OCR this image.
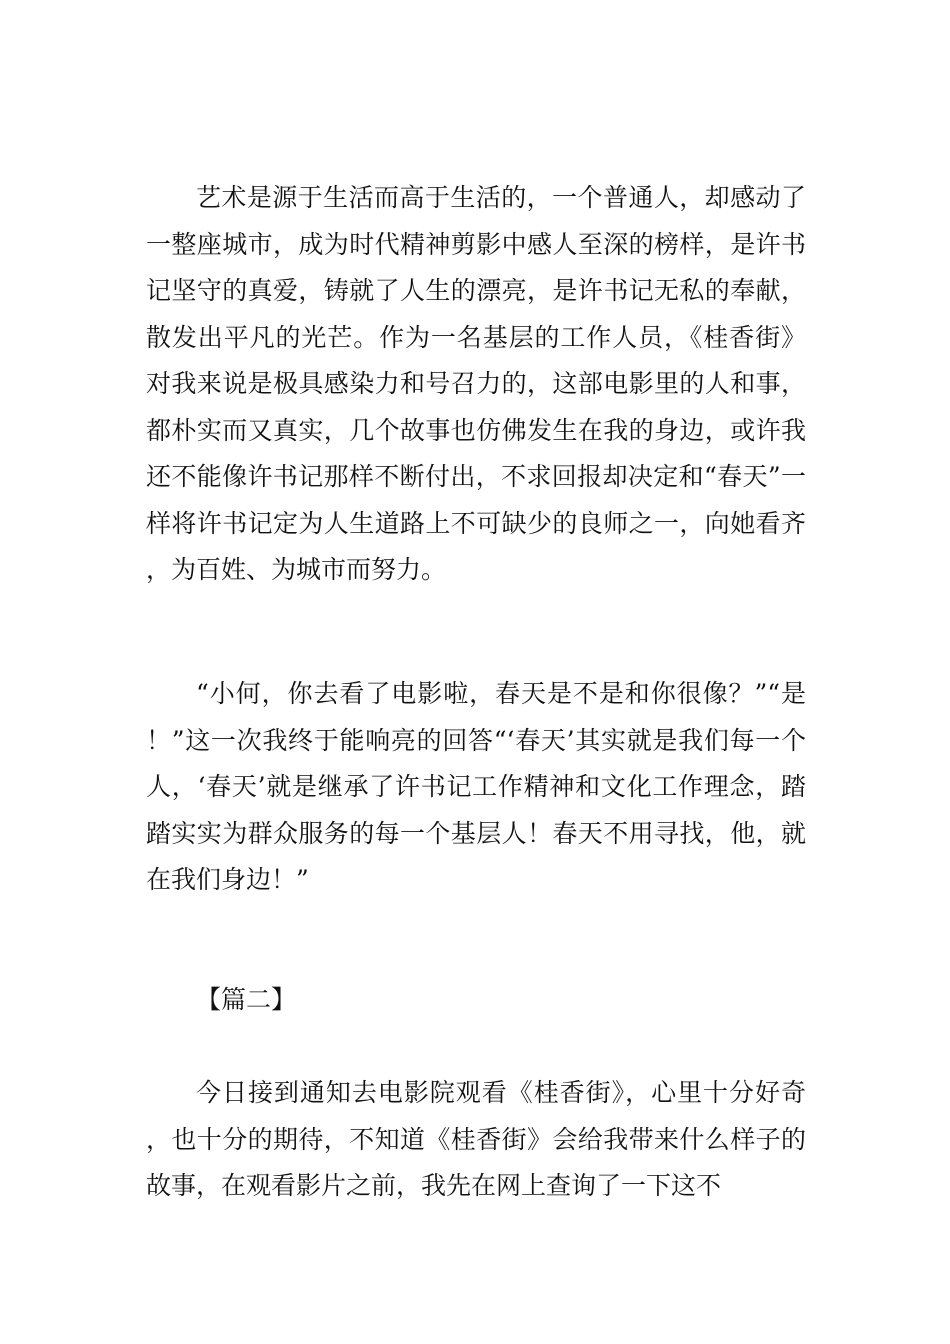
艺术是源于生活而高于生活的，一个普通人，却感动了一整座城市，成为时代精神剪影中感人至深的榜样，是许书记坚守的真爱，铸就了人生的漂亮，是许书记无私的奉献，散发出平凡的光芒。作为一名基层的工作人员，《桂香街》对我来说是极具感染力和号召力的，这部电影里的人和事，都朴实而又真实，几个故事也仿佛发生在我的身边，或许我还不能像许书记那样不断付出，不求回报却决定和“春天”一样将许书记定为人生道路上不可缺少的良师之一，向她看齐，为百姓、为城市而努力。

“小何，你去看了电影啦，春天是不是和你很像？”“是！”这一次我终于能响亮的回答“‘春天’其实就是我们每一个人，‘春天’就是继承了许书记工作精神和文化工作理念，踏踏实实为群众服务的每一个基层人！春天不用寻找，他，就在我们身边！”

【篇二】

今日接到通知去电影院观看《桂香街》，心里十分好奇，也十分的期待，不知道《桂香街》会给我带来什么样子的故事，在观看影片之前，我先在网上查询了一下这不
